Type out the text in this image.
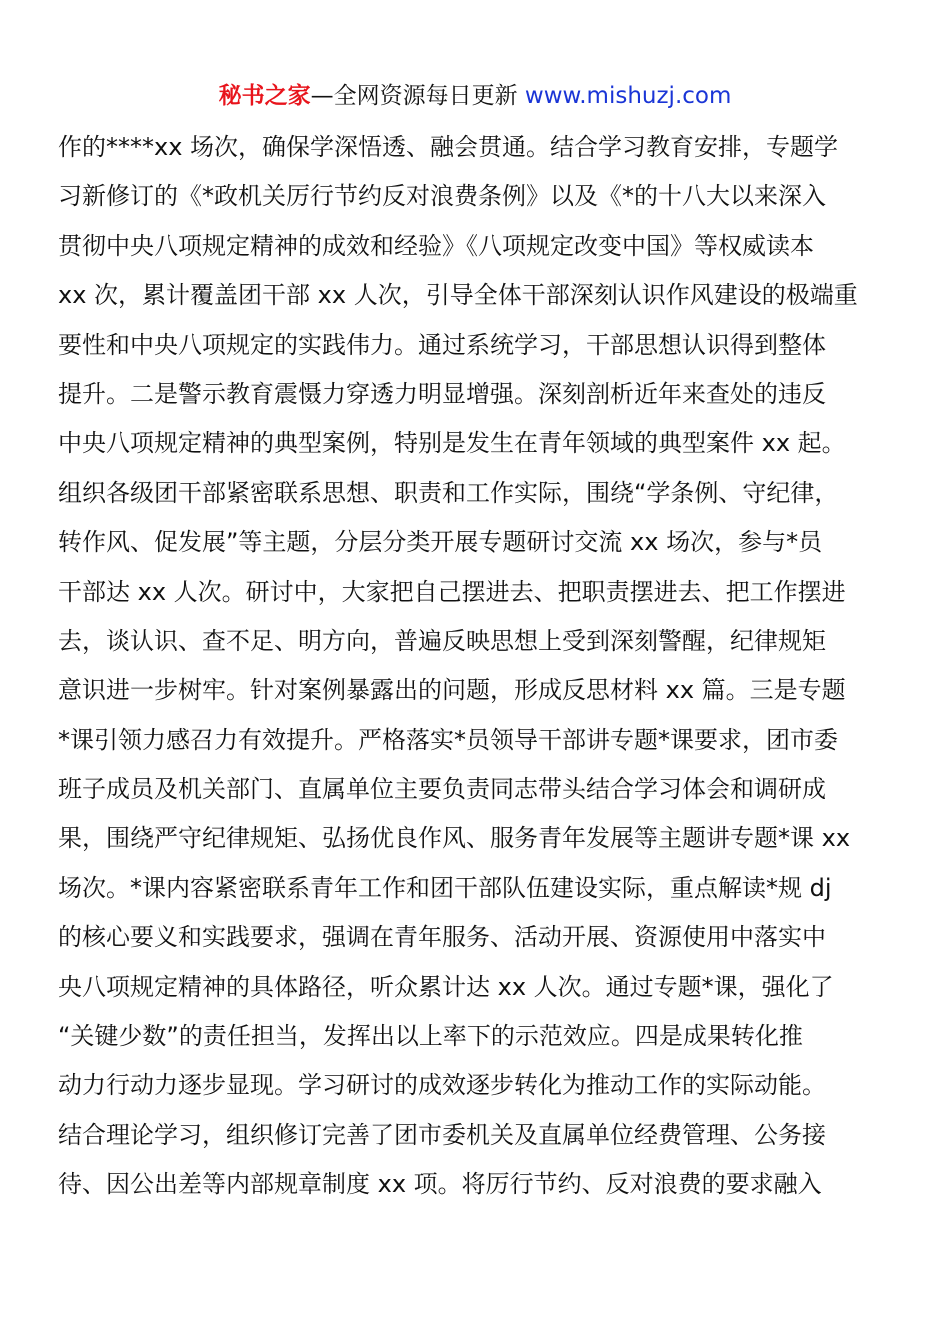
秘书之家—全网资源每日更新 www.mishuzj.com
作的****xx 场次，确保学深悟透、融会贯通。结合学习教育安排，专题学
习新修订的《*政机关厉行节约反对浪费条例》以及《*的十八大以来深入
贯彻中央八项规定精神的成效和经验》《八项规定改变中国》等权威读本
xx 次，累计覆盖团干部 xx 人次，引导全体干部深刻认识作风建设的极端重
要性和中央八项规定的实践伟力。通过系统学习，干部思想认识得到整体
提升。二是警示教育震慑力穿透力明显增强。深刻剖析近年来查处的违反
中央八项规定精神的典型案例，特别是发生在青年领域的典型案件 xx 起。
组织各级团干部紧密联系思想、职责和工作实际，围绕“学条例、守纪律，
转作风、促发展”等主题，分层分类开展专题研讨交流 xx 场次，参与*员
干部达 xx 人次。研讨中，大家把自己摆进去、把职责摆进去、把工作摆进
去，谈认识、查不足、明方向，普遍反映思想上受到深刻警醒，纪律规矩
意识进一步树牢。针对案例暴露出的问题，形成反思材料 xx 篇。三是专题
*课引领力感召力有效提升。严格落实*员领导干部讲专题*课要求，团市委
班子成员及机关部门、直属单位主要负责同志带头结合学习体会和调研成
果，围绕严守纪律规矩、弘扬优良作风、服务青年发展等主题讲专题*课 xx
场次。*课内容紧密联系青年工作和团干部队伍建设实际，重点解读*规 dj
的核心要义和实践要求，强调在青年服务、活动开展、资源使用中落实中
央八项规定精神的具体路径，听众累计达 xx 人次。通过专题*课，强化了
“关键少数”的责任担当，发挥出以上率下的示范效应。四是成果转化推
动力行动力逐步显现。学习研讨的成效逐步转化为推动工作的实际动能。
结合理论学习，组织修订完善了团市委机关及直属单位经费管理、公务接
待、因公出差等内部规章制度 xx 项。将厉行节约、反对浪费的要求融入
